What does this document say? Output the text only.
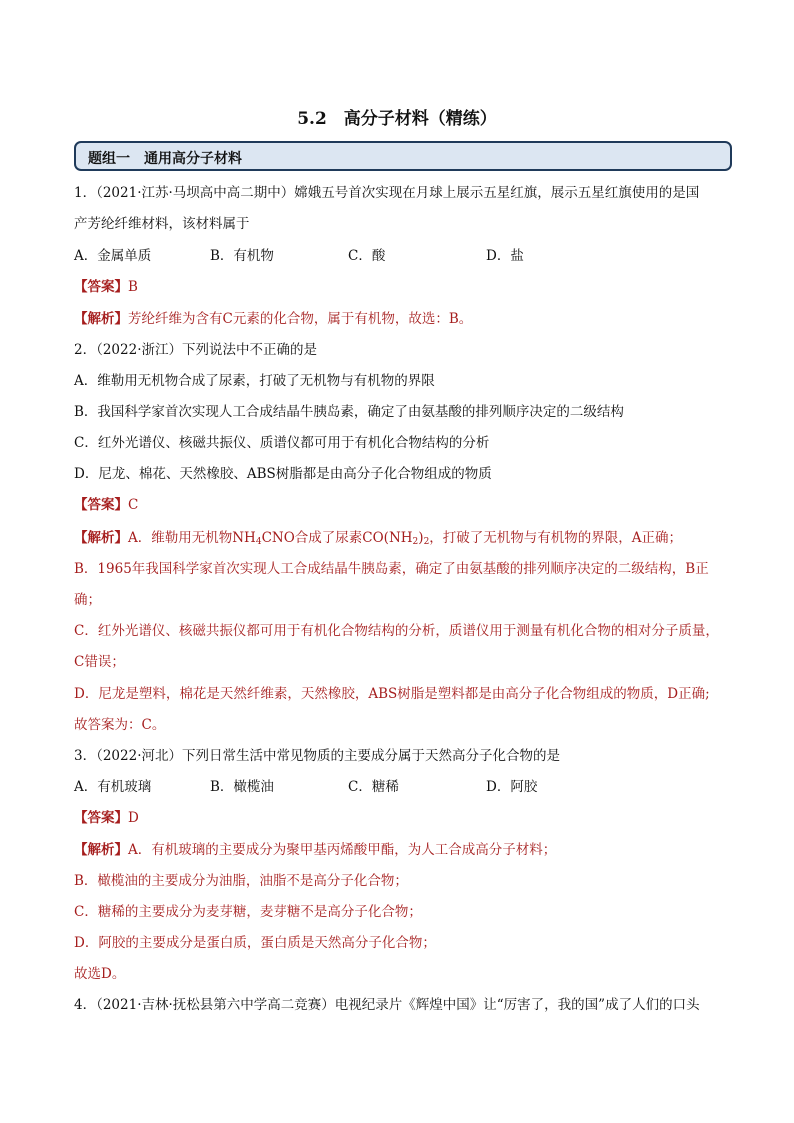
5.2　高分子材料（精练）
题组一　通用高分子材料
1．（2021·江苏·马坝高中高二期中）嫦娥五号首次实现在月球上展示五星红旗，展示五星红旗使用的是国
产芳纶纤维材料，该材料属于
A．金属单质	B．有机物	C．酸	D．盐
【答案】B
【解析】芳纶纤维为含有C元素的化合物，属于有机物，故选：B。
2．（2022·浙江）下列说法中不正确的是
A．维勒用无机物合成了尿素，打破了无机物与有机物的界限
B．我国科学家首次实现人工合成结晶牛胰岛素，确定了由氨基酸的排列顺序决定的二级结构
C．红外光谱仪、核磁共振仪、质谱仪都可用于有机化合物结构的分析
D．尼龙、棉花、天然橡胶、ABS树脂都是由高分子化合物组成的物质
【答案】C
【解析】A．维勒用无机物$NH_4CNO$合成了尿素$CO(NH_2)_2$，打破了无机物与有机物的界限，A正确；
B．1965年我国科学家首次实现人工合成结晶牛胰岛素，确定了由氨基酸的排列顺序决定的二级结构，B正
确；
C．红外光谱仪、核磁共振仪都可用于有机化合物结构的分析，质谱仪用于测量有机化合物的相对分子质量，
C错误；
D．尼龙是塑料，棉花是天然纤维素，天然橡胶，ABS树脂是塑料都是由高分子化合物组成的物质，D正确;
故答案为：C。
3．（2022·河北）下列日常生活中常见物质的主要成分属于天然高分子化合物的是
A．有机玻璃	B．橄榄油	C．糖稀	D．阿胶
【答案】D
【解析】A．有机玻璃的主要成分为聚甲基丙烯酸甲酯，为人工合成高分子材料；
B．橄榄油的主要成分为油脂，油脂不是高分子化合物；
C．糖稀的主要成分为麦芽糖，麦芽糖不是高分子化合物；
D．阿胶的主要成分是蛋白质，蛋白质是天然高分子化合物；
故选D。
4．（2021·吉林·抚松县第六中学高二竞赛）电视纪录片《辉煌中国》让“厉害了，我的国”成了人们的口头
